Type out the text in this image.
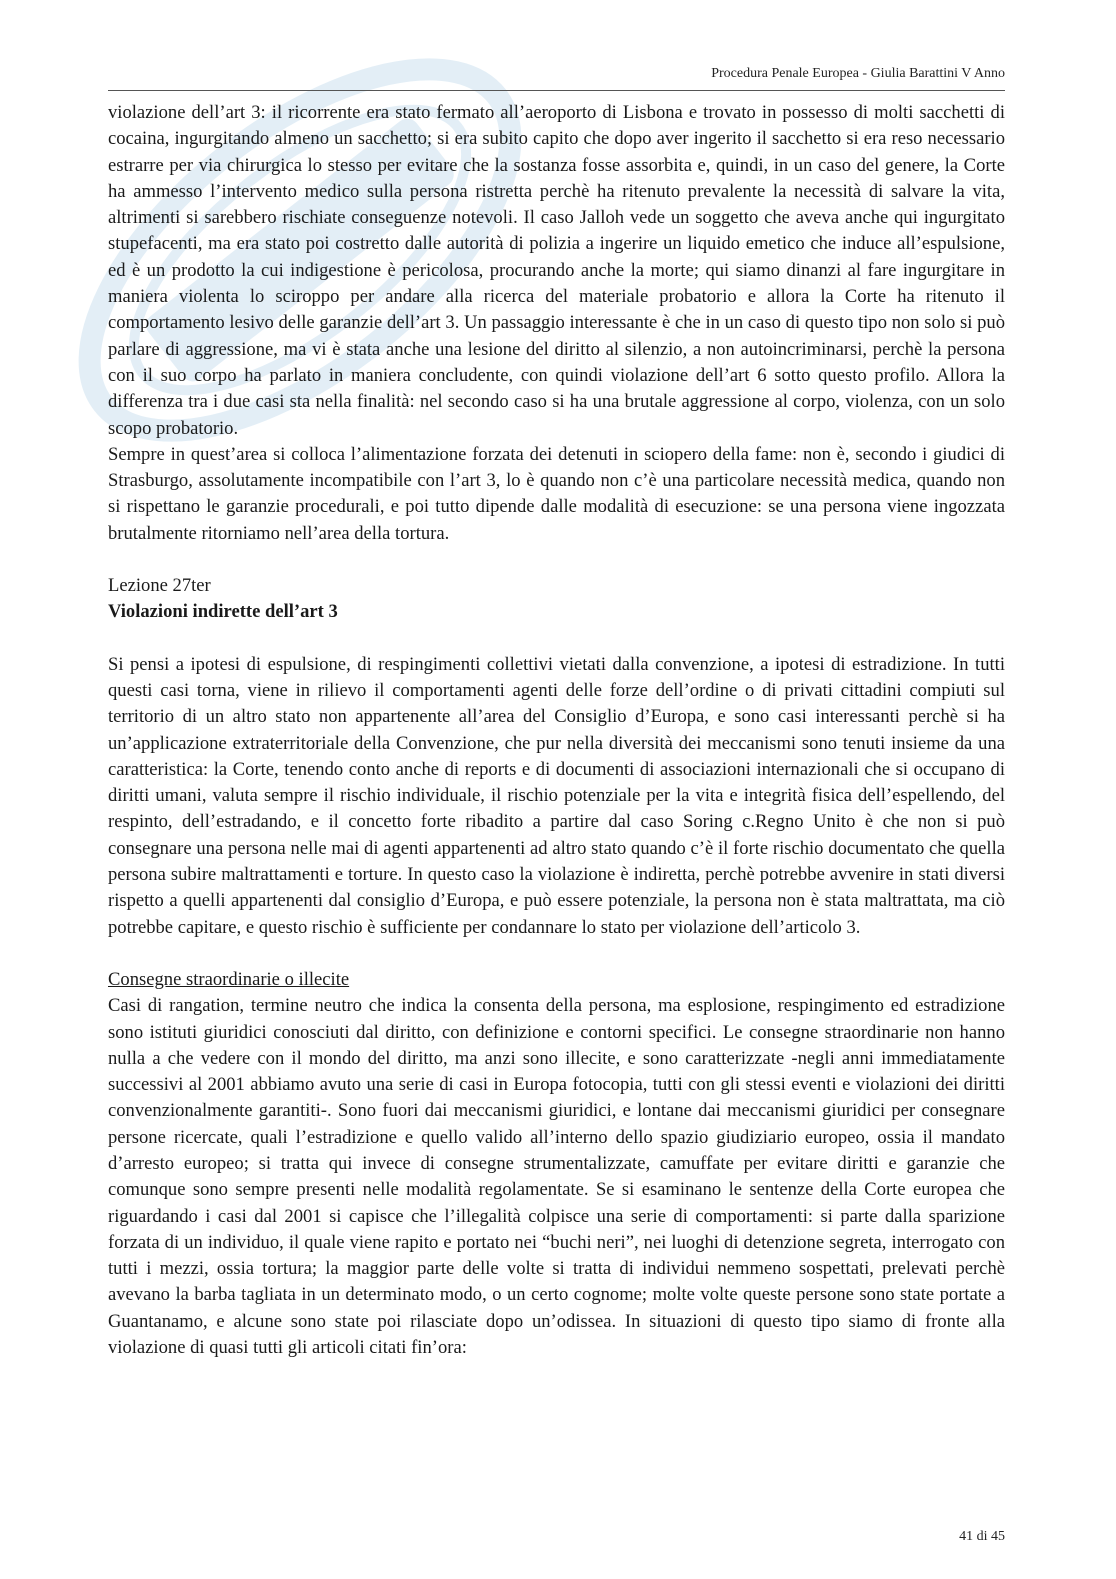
Procedura Penale Europea - Giulia Barattini V Anno

violazione dell’art 3: il ricorrente era stato fermato all’aeroporto di Lisbona e trovato in possesso di molti sacchetti di cocaina, ingurgitando almeno un sacchetto; si era subito capito che dopo aver ingerito il sacchetto si era reso necessario estrarre per via chirurgica lo stesso per evitare che la sostanza fosse assorbita e, quindi, in un caso del genere, la Corte ha ammesso l’intervento medico sulla persona ristretta perchè ha ritenuto prevalente la necessità di salvare la vita, altrimenti si sarebbero rischiate conseguenze notevoli. Il caso Jalloh vede un soggetto che aveva anche qui ingurgitato stupefacenti, ma era stato poi costretto dalle autorità di polizia a ingerire un liquido emetico che induce all’espulsione, ed è un prodotto la cui indigestione è pericolosa, procurando anche la morte; qui siamo dinanzi al fare ingurgitare in maniera violenta lo sciroppo per andare alla ricerca del materiale probatorio e allora la Corte ha ritenuto il comportamento lesivo delle garanzie dell’art 3. Un passaggio interessante è che in un caso di questo tipo non solo si può parlare di aggressione, ma vi è stata anche una lesione del diritto al silenzio, a non autoincriminarsi, perchè la persona con il suo corpo ha parlato in maniera concludente, con quindi violazione dell’art 6 sotto questo profilo. Allora la differenza tra i due casi sta nella finalità: nel secondo caso si ha una brutale aggressione al corpo, violenza, con un solo scopo probatorio.

Sempre in quest’area si colloca l’alimentazione forzata dei detenuti in sciopero della fame: non è, secondo i giudici di Strasburgo, assolutamente incompatibile con l’art 3, lo è quando non c’è una particolare necessità medica, quando non si rispettano le garanzie procedurali, e poi tutto dipende dalle modalità di esecuzione: se una persona viene ingozzata brutalmente ritorniamo nell’area della tortura.

Lezione 27ter

Violazioni indirette dell’art 3

Si pensi a ipotesi di espulsione, di respingimenti collettivi vietati dalla convenzione, a ipotesi di estradizione. In tutti questi casi torna, viene in rilievo il comportamenti agenti delle forze dell’ordine o di privati cittadini compiuti sul territorio di un altro stato non appartenente all’area del Consiglio d’Europa, e sono casi interessanti perchè si ha un’applicazione extraterritoriale della Convenzione, che pur nella diversità dei meccanismi sono tenuti insieme da una caratteristica: la Corte, tenendo conto anche di reports e di documenti di associazioni internazionali che si occupano di diritti umani, valuta sempre il rischio individuale, il rischio potenziale per la vita e integrità fisica dell’espellendo, del respinto, dell’estradando, e il concetto forte ribadito a partire dal caso Soring c.Regno Unito è che non si può consegnare una persona nelle mai di agenti appartenenti ad altro stato quando c’è il forte rischio documentato che quella persona subire maltrattamenti e torture. In questo caso la violazione è indiretta, perchè potrebbe avvenire in stati diversi rispetto a quelli appartenenti dal consiglio d’Europa, e può essere potenziale, la persona non è stata maltrattata, ma ciò potrebbe capitare, e questo rischio è sufficiente per condannare lo stato per violazione dell’articolo 3.

Consegne straordinarie o illecite

Casi di rangation, termine neutro che indica la consenta della persona, ma esplosione, respingimento ed estradizione sono istituti giuridici conosciuti dal diritto, con definizione e contorni specifici. Le consegne straordinarie non hanno nulla a che vedere con il mondo del diritto, ma anzi sono illecite, e sono caratterizzate -negli anni immediatamente successivi al 2001 abbiamo avuto una serie di casi in Europa fotocopia, tutti con gli stessi eventi e violazioni dei diritti convenzionalmente garantiti-. Sono fuori dai meccanismi giuridici, e lontane dai meccanismi giuridici per consegnare persone ricercate, quali l’estradizione e quello valido all’interno dello spazio giudiziario europeo, ossia il mandato d’arresto europeo; si tratta qui invece di consegne strumentalizzate, camuffate per evitare diritti e garanzie che comunque sono sempre presenti nelle modalità regolamentate. Se si esaminano le sentenze della Corte europea che riguardando i casi dal 2001 si capisce che l’illegalità colpisce una serie di comportamenti: si parte dalla sparizione forzata di un individuo, il quale viene rapito e portato nei “buchi neri”, nei luoghi di detenzione segreta, interrogato con tutti i mezzi, ossia tortura; la maggior parte delle volte si tratta di individui nemmeno sospettati, prelevati perchè avevano la barba tagliata in un determinato modo, o un certo cognome; molte volte queste persone sono state portate a Guantanamo, e alcune sono state poi rilasciate dopo un’odissea. In situazioni di questo tipo siamo di fronte alla violazione di quasi tutti gli articoli citati fin’ora:

41 di 45
